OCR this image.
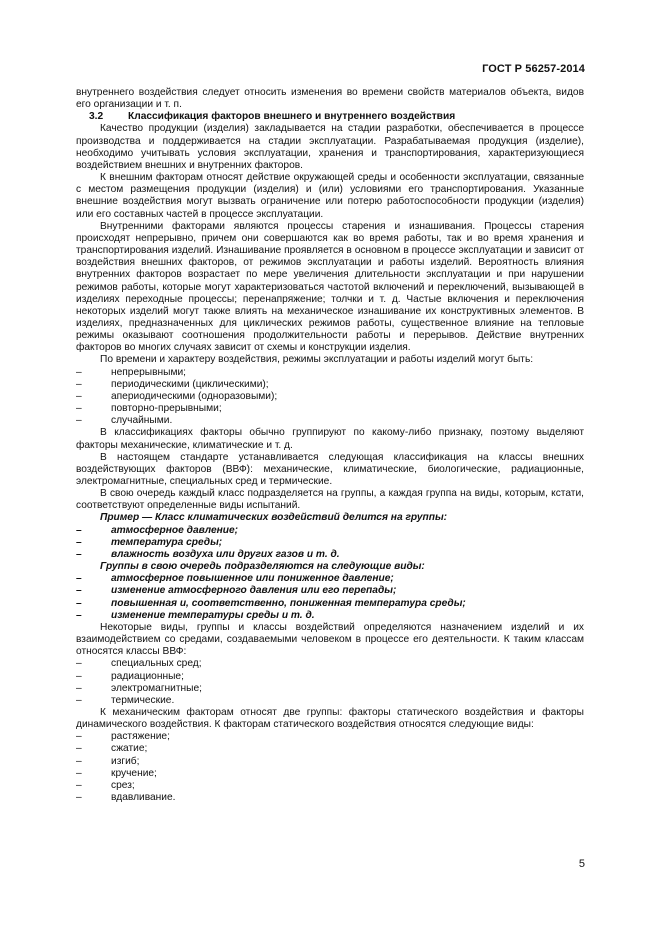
ГОСТ Р 56257-2014

внутреннего воздействия следует относить изменения во времени свойств материалов объекта, видов его организации и т. п.

3.2 Классификация факторов внешнего и внутреннего воздействия

Качество продукции (изделия) закладывается на стадии разработки, обеспечивается в процессе производства и поддерживается на стадии эксплуатации. Разрабатываемая продукция (изделие), необходимо учитывать условия эксплуатации, хранения и транспортирования, характеризующиеся воздействием внешних и внутренних факторов.

К внешним факторам относят действие окружающей среды и особенности эксплуатации, связанные с местом размещения продукции (изделия) и (или) условиями его транспортирования. Указанные внешние воздействия могут вызвать ограничение или потерю работоспособности продукции (изделия) или его составных частей в процессе эксплуатации.

Внутренними факторами являются процессы старения и изнашивания. Процессы старения происходят непрерывно, причем они совершаются как во время работы, так и во время хранения и транспортирования изделий. Изнашивание проявляется в основном в процессе эксплуатации и зависит от воздействия внешних факторов, от режимов эксплуатации и работы изделий. Вероятность влияния внутренних факторов возрастает по мере увеличения длительности эксплуатации и при нарушении режимов работы, которые могут характеризоваться частотой включений и переключений, вызывающей в изделиях переходные процессы; перенапряжение; толчки и т. д. Частые включения и переключения некоторых изделий могут также влиять на механическое изнашивание их конструктивных элементов. В изделиях, предназначенных для циклических режимов работы, существенное влияние на тепловые режимы оказывают соотношения продолжительности работы и перерывов. Действие внутренних факторов во многих случаях зависит от схемы и конструкции изделия.

По времени и характеру воздействия, режимы эксплуатации и работы изделий могут быть:

–	непрерывными;

–	периодическими (циклическими);

–	апериодическими (одноразовыми);

–	повторно-прерывными;

–	случайными.

В классификациях факторы обычно группируют по какому-либо признаку, поэтому выделяют факторы механические, климатические и т. д.

В настоящем стандарте устанавливается следующая классификация на классы внешних воздействующих факторов (ВВФ): механические, климатические, биологические, радиационные, электромагнитные, специальных сред и термические.

В свою очередь каждый класс подразделяется на группы, а каждая группа на виды, которым, кстати, соответствуют определенные виды испытаний.

Пример — Класс климатических воздействий делится на группы:

–	атмосферное давление;

–	температура среды;

–	влажность воздуха или других газов и т. д.

Группы в свою очередь подразделяются на следующие виды:

–	атмосферное повышенное или пониженное давление;

–	изменение атмосферного давления или его перепады;

–	повышенная и, соответственно, пониженная температура среды;

–	изменение температуры среды и т. д.

Некоторые виды, группы и классы воздействий определяются назначением изделий и их взаимодействием со средами, создаваемыми человеком в процессе его деятельности. К таким классам относятся классы ВВФ:

–	специальных сред;

–	радиационные;

–	электромагнитные;

–	термические.

К механическим факторам относят две группы: факторы статического воздействия и факторы динамического воздействия. К факторам статического воздействия относятся следующие виды:

–	растяжение;

–	сжатие;

–	изгиб;

–	кручение;

–	срез;

–	вдавливание.

5
